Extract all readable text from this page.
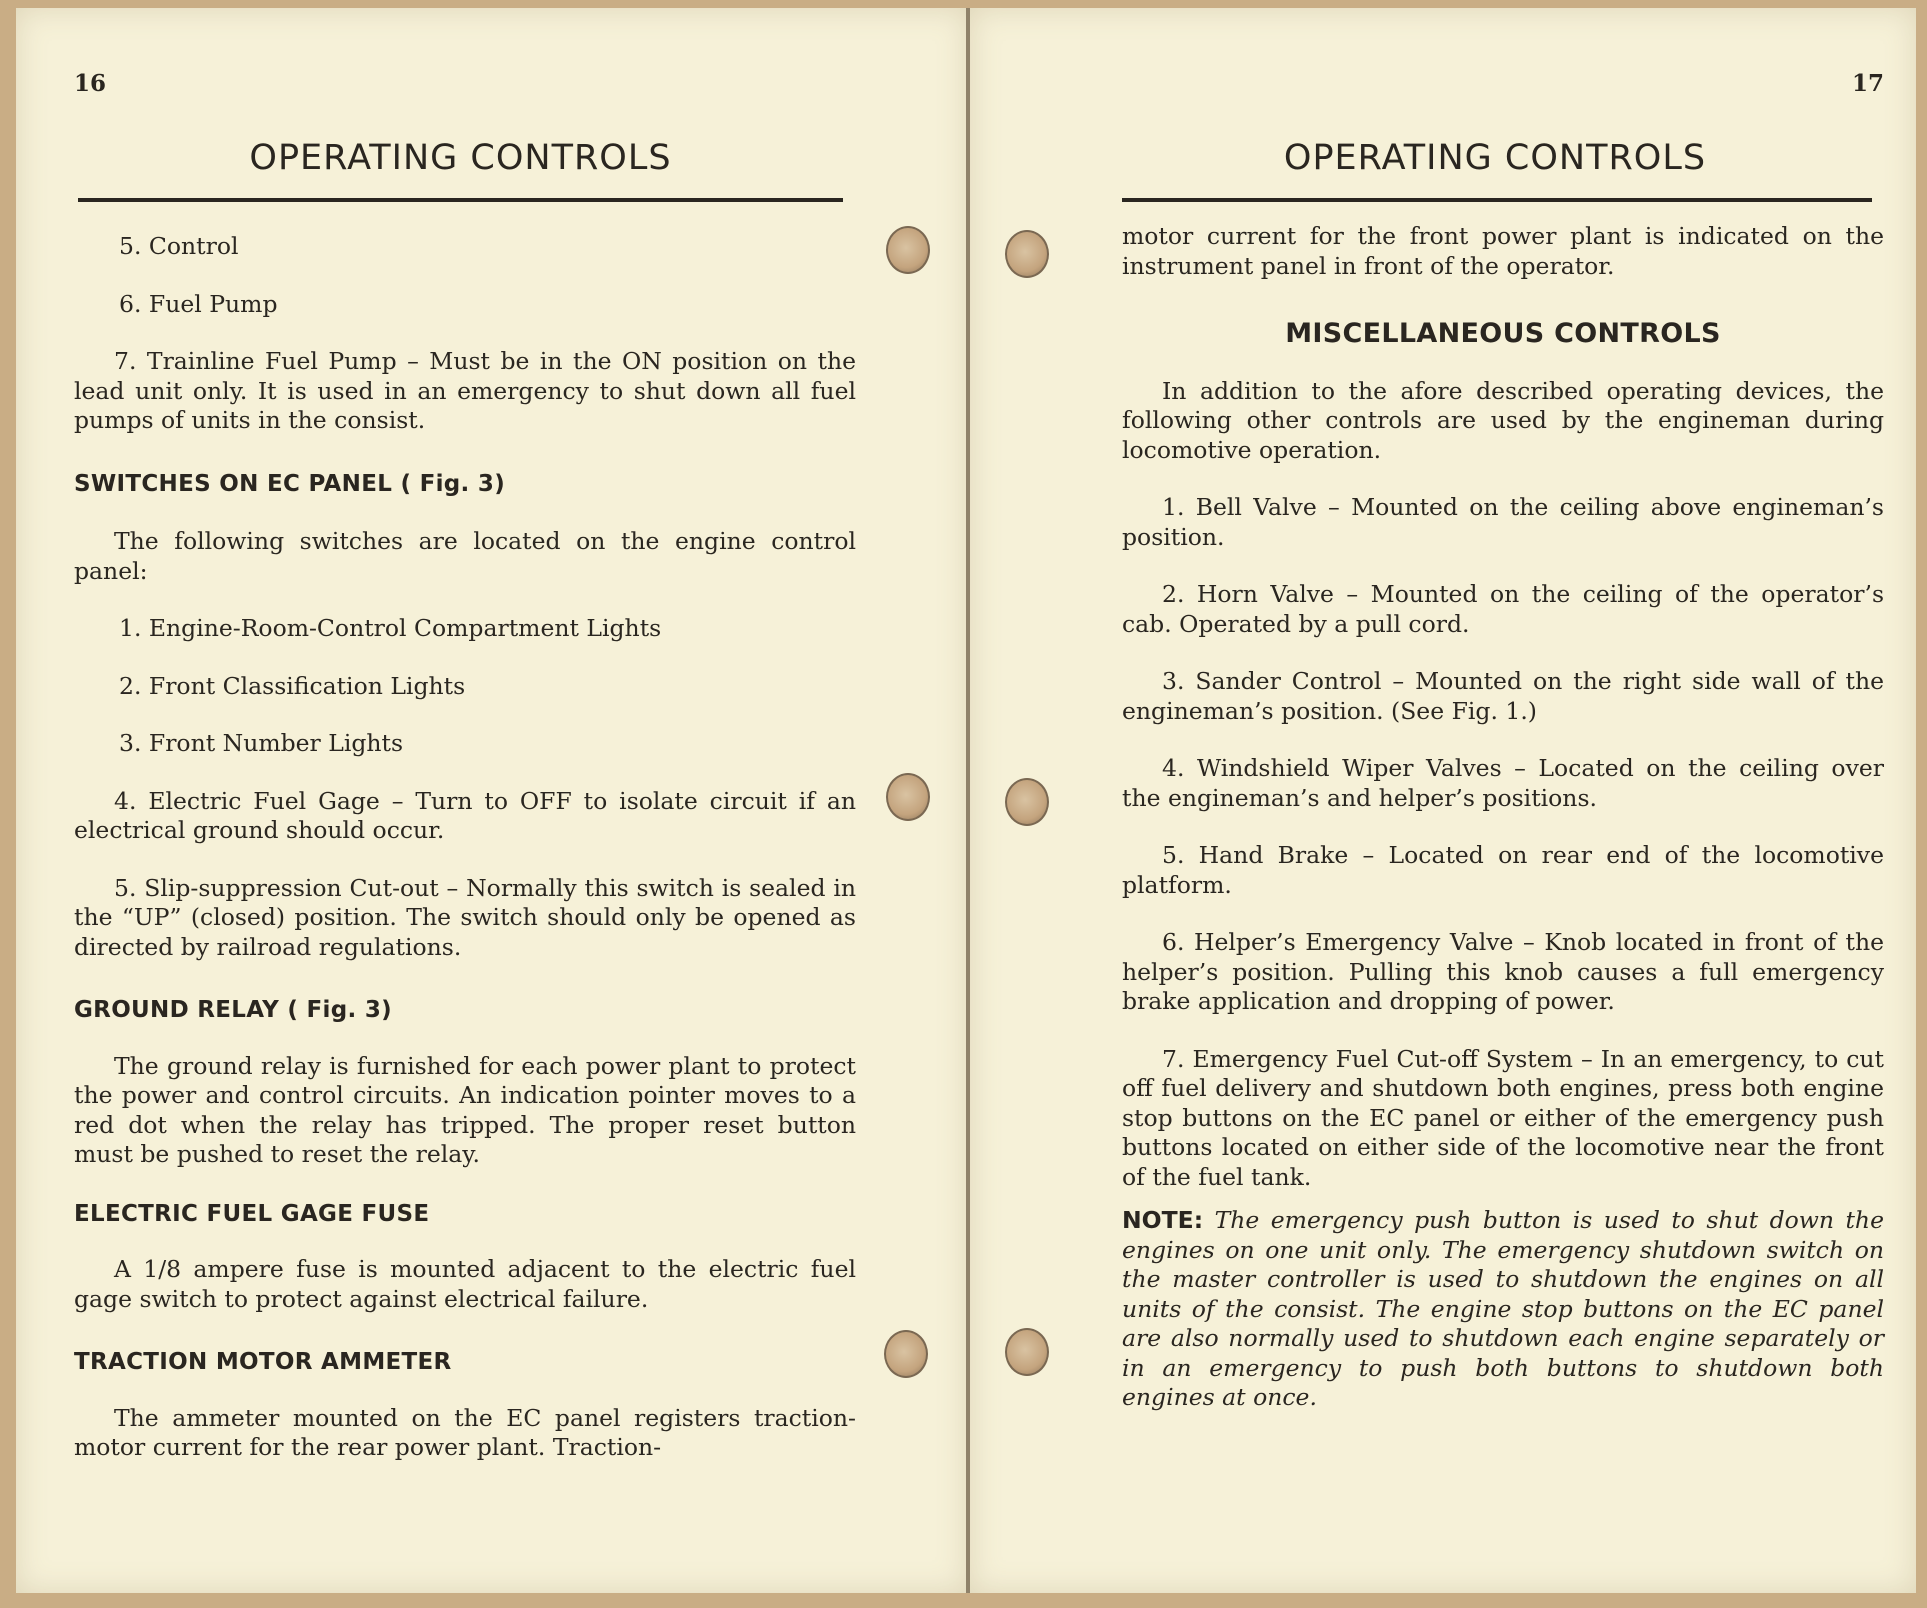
16
OPERATING CONTROLS

5. Control

6. Fuel Pump

7. Trainline Fuel Pump – Must be in the ON position on the lead unit only. It is used in an emergency to shut down all fuel pumps of units in the consist.

SWITCHES ON EC PANEL ( Fig. 3)

The following switches are located on the engine control panel:

1. Engine-Room-Control Compartment Lights

2. Front Classification Lights

3. Front Number Lights

4. Electric Fuel Gage – Turn to OFF to isolate circuit if an electrical ground should occur.

5. Slip-suppression Cut-out – Normally this switch is sealed in the “UP” (closed) position. The switch should only be opened as directed by railroad regulations.

GROUND RELAY ( Fig. 3)

The ground relay is furnished for each power plant to protect the power and control circuits. An indication pointer moves to a red dot when the relay has tripped. The proper reset button must be pushed to reset the relay.

ELECTRIC FUEL GAGE FUSE

A 1/8 ampere fuse is mounted adjacent to the electric fuel gage switch to protect against electrical failure.

TRACTION MOTOR AMMETER

The ammeter mounted on the EC panel registers traction-motor current for the rear power plant. Traction-

17
OPERATING CONTROLS

motor current for the front power plant is indicated on the instrument panel in front of the operator.

MISCELLANEOUS CONTROLS

In addition to the afore described operating devices, the following other controls are used by the engineman during locomotive operation.

1. Bell Valve – Mounted on the ceiling above engineman’s position.

2. Horn Valve – Mounted on the ceiling of the operator’s cab. Operated by a pull cord.

3. Sander Control – Mounted on the right side wall of the engineman’s position. (See Fig. 1.)

4. Windshield Wiper Valves – Located on the ceiling over the engineman’s and helper’s positions.

5. Hand Brake – Located on rear end of the locomotive platform.

6. Helper’s Emergency Valve – Knob located in front of the helper’s position. Pulling this knob causes a full emergency brake application and dropping of power.

7. Emergency Fuel Cut-off System – In an emergency, to cut off fuel delivery and shutdown both engines, press both engine stop buttons on the EC panel or either of the emergency push buttons located on either side of the locomotive near the front of the fuel tank.

NOTE: The emergency push button is used to shut down the engines on one unit only. The emergency shutdown switch on the master controller is used to shutdown the engines on all units of the consist. The engine stop buttons on the EC panel are also normally used to shutdown each engine separately or in an emergency to push both buttons to shutdown both engines at once.
